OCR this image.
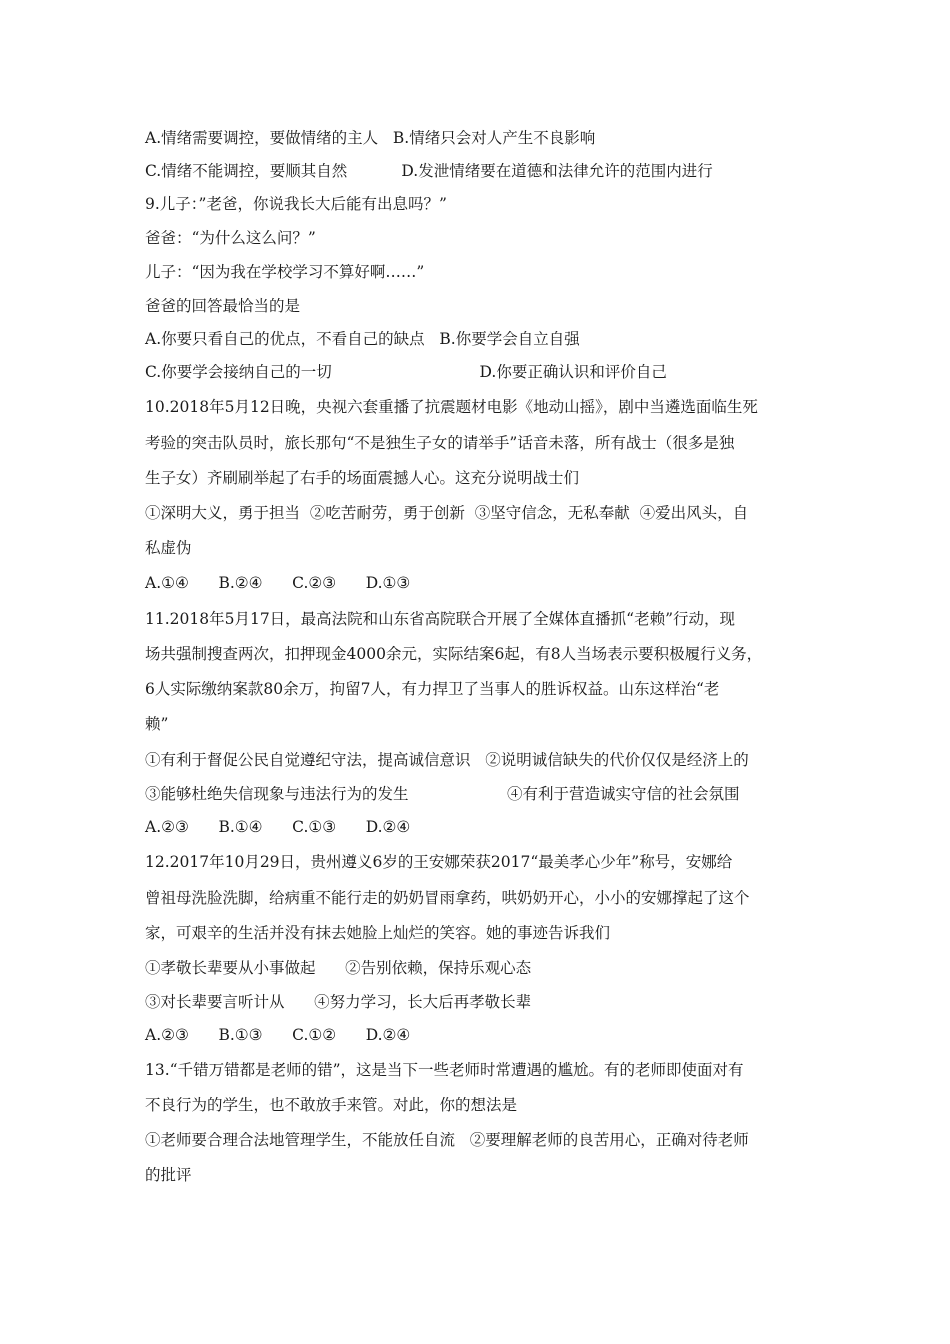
A.情绪需要调控，要做情绪的主人   B.情绪只会对人产生不良影响
C.情绪不能调控，要顺其自然           D.发泄情绪要在道德和法律允许的范围内进行
9.儿子：”老爸，你说我长大后能有出息吗？”
爸爸：“为什么这么问？”
儿子：“因为我在学校学习不算好啊……”
爸爸的回答最恰当的是
A.你要只看自己的优点，不看自己的缺点   B.你要学会自立自强
C.你要学会接纳自己的一切                              D.你要正确认识和评价自己
10.2018年5月12日晚，央视六套重播了抗震题材电影《地动山摇》，剧中当遴选面临生死
考验的突击队员时，旅长那句“不是独生子女的请举手”话音未落，所有战士（很多是独
生子女）齐刷刷举起了右手的场面震撼人心。这充分说明战士们
①深明大义，勇于担当  ②吃苦耐劳，勇于创新  ③坚守信念，无私奉献  ④爱出风头，自
私虚伪
A.①④      B.②④      C.②③      D.①③
11.2018年5月17日，最高法院和山东省高院联合开展了全媒体直播抓“老赖”行动，现
场共强制搜查两次，扣押现金4000余元，实际结案6起，有8人当场表示要积极履行义务，
6人实际缴纳案款80余万，拘留7人，有力捍卫了当事人的胜诉权益。山东这样治“老
赖”
①有利于督促公民自觉遵纪守法，提高诚信意识   ②说明诚信缺失的代价仅仅是经济上的
③能够杜绝失信现象与违法行为的发生                    ④有利于营造诚实守信的社会氛围
A.②③      B.①④      C.①③      D.②④
12.2017年10月29日，贵州遵义6岁的王安娜荣获2017“最美孝心少年”称号，安娜给
曾祖母洗脸洗脚，给病重不能行走的奶奶冒雨拿药，哄奶奶开心，小小的安娜撑起了这个
家，可艰辛的生活并没有抹去她脸上灿烂的笑容。她的事迹告诉我们
①孝敬长辈要从小事做起      ②告别依赖，保持乐观心态
③对长辈要言听计从      ④努力学习，长大后再孝敬长辈
A.②③      B.①③      C.①②      D.②④
13.“千错万错都是老师的错”，这是当下一些老师时常遭遇的尴尬。有的老师即使面对有
不良行为的学生，也不敢放手来管。对此，你的想法是
①老师要合理合法地管理学生，不能放任自流   ②要理解老师的良苦用心，正确对待老师
的批评
